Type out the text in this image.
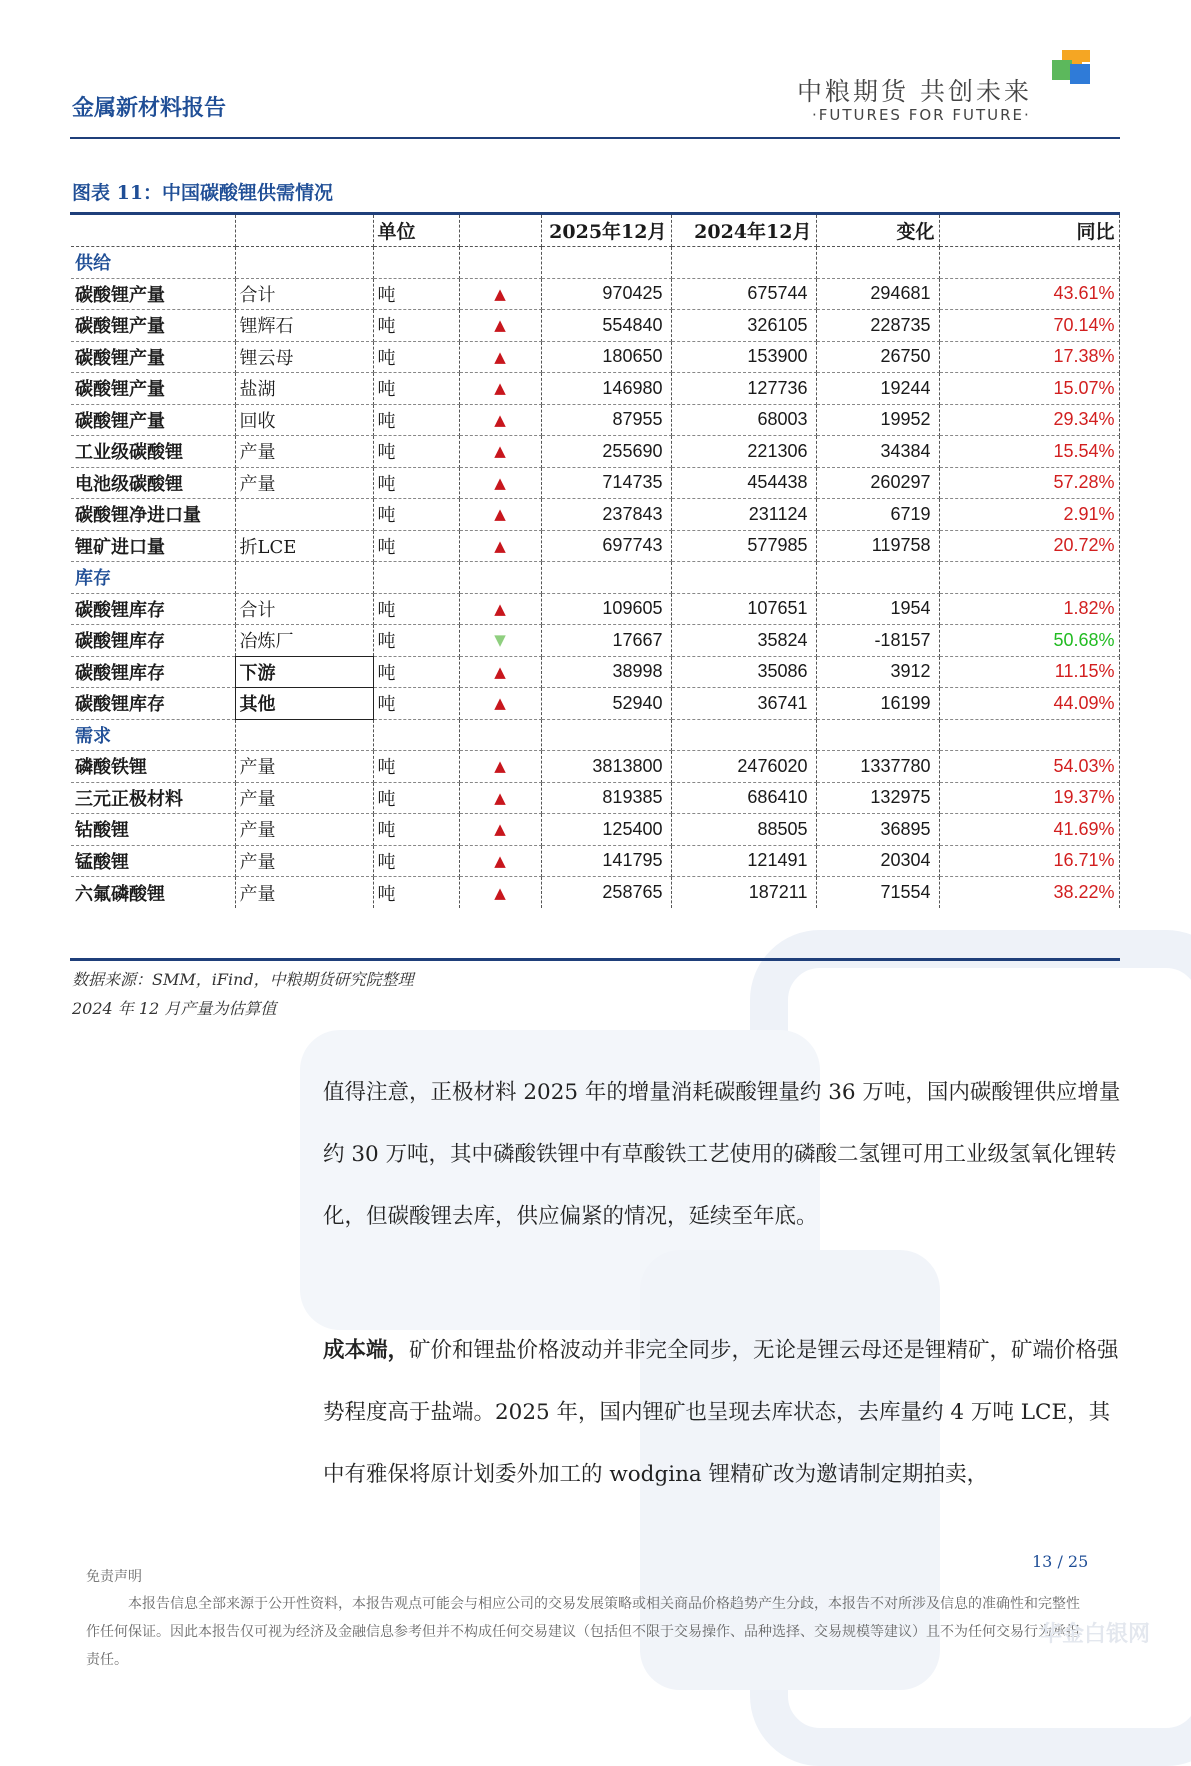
金属新材料报告
中粮期货 共创未来
·FUTURES FOR FUTURE·
图表 11：中国碳酸锂供需情况
		单位		2025年12月	2024年12月	变化	同比
供给							
碳酸锂产量	合计	吨	▲	970425	675744	294681	43.61%
碳酸锂产量	锂辉石	吨	▲	554840	326105	228735	70.14%
碳酸锂产量	锂云母	吨	▲	180650	153900	26750	17.38%
碳酸锂产量	盐湖	吨	▲	146980	127736	19244	15.07%
碳酸锂产量	回收	吨	▲	87955	68003	19952	29.34%
工业级碳酸锂	产量	吨	▲	255690	221306	34384	15.54%
电池级碳酸锂	产量	吨	▲	714735	454438	260297	57.28%
碳酸锂净进口量		吨	▲	237843	231124	6719	2.91%
锂矿进口量	折LCE	吨	▲	697743	577985	119758	20.72%
库存							
碳酸锂库存	合计	吨	▲	109605	107651	1954	1.82%
碳酸锂库存	冶炼厂	吨	▼	17667	35824	-18157	50.68%
碳酸锂库存	下游	吨	▲	38998	35086	3912	11.15%
碳酸锂库存	其他	吨	▲	52940	36741	16199	44.09%
需求							
磷酸铁锂	产量	吨	▲	3813800	2476020	1337780	54.03%
三元正极材料	产量	吨	▲	819385	686410	132975	19.37%
钴酸锂	产量	吨	▲	125400	88505	36895	41.69%
锰酸锂	产量	吨	▲	141795	121491	20304	16.71%
六氟磷酸锂	产量	吨	▲	258765	187211	71554	38.22%
数据来源：SMM，iFind，中粮期货研究院整理
2024 年 12 月产量为估算值
值得注意，正极材料 2025 年的增量消耗碳酸锂量约 36 万吨，国内碳酸锂供应增量约 30 万吨，其中磷酸铁锂中有草酸铁工艺使用的磷酸二氢锂可用工业级氢氧化锂转化，但碳酸锂去库，供应偏紧的情况，延续至年底。
成本端，矿价和锂盐价格波动并非完全同步，无论是锂云母还是锂精矿，矿端价格强势程度高于盐端。2025 年，国内锂矿也呈现去库状态，去库量约 4 万吨 LCE，其中有雅保将原计划委外加工的 wodgina 锂精矿改为邀请制定期拍卖，
13 / 25
免责声明
本报告信息全部来源于公开性资料，本报告观点可能会与相应公司的交易发展策略或相关商品价格趋势产生分歧，本报告不对所涉及信息的准确性和完整性作任何保证。因此本报告仅可视为经济及金融信息参考但并不构成任何交易建议（包括但不限于交易操作、品种选择、交易规模等建议）且不为任何交易行为承担责任。
华金白银网
